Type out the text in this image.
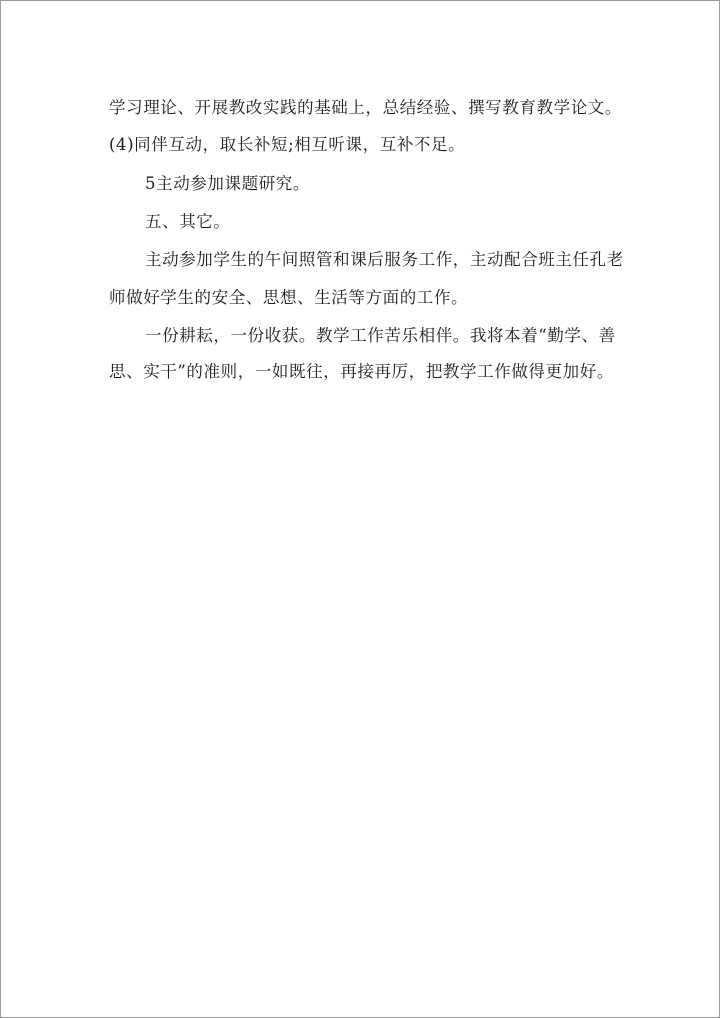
学习理论、开展教改实践的基础上，总结经验、撰写教育教学论文。

(4)同伴互动，取长补短;相互听课，互补不足。

5主动参加课题研究。

五、其它。

主动参加学生的午间照管和课后服务工作，主动配合班主任孔老

师做好学生的安全、思想、生活等方面的工作。

一份耕耘，一份收获。教学工作苦乐相伴。我将本着“勤学、善

思、实干”的准则，一如既往，再接再厉，把教学工作做得更加好。
